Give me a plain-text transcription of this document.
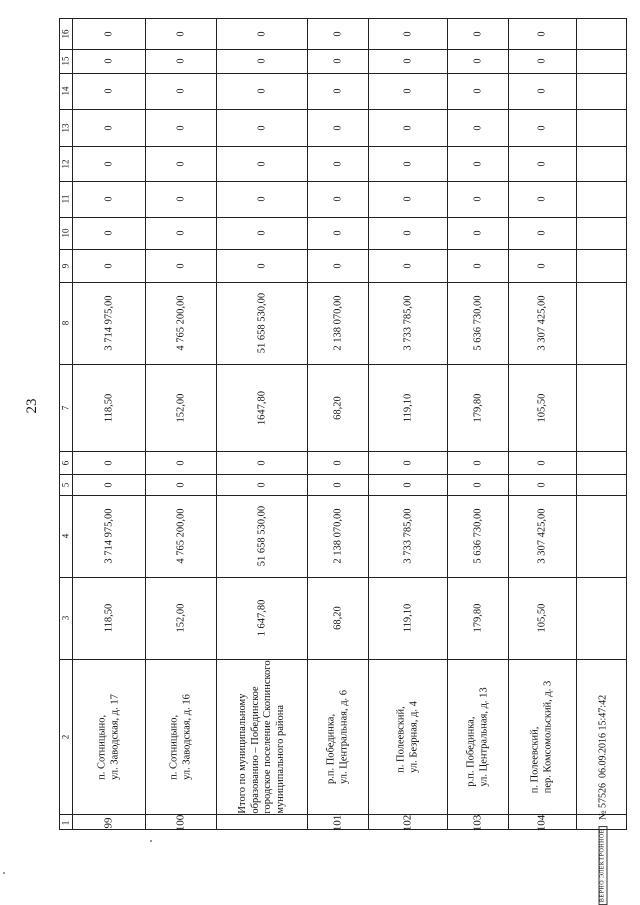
23
1
2
3
4
5
6
7
8
9
10
11
12
13
14
15
16
99
п. Сотницыно, ул. Заводская, д. 17
118,50
3 714 975,00
0
0
118,50
3 714 975,00
0
0
0
0
0
0
0
0
100
п. Сотницыно, ул. Заводская, д. 16
152,00
4 765 200,00
0
0
152,00
4 765 200,00
0
0
0
0
0
0
0
0
Итого по муниципальному образованию – Побединское городское поселение Скопинского муниципального района
1 647,80
51 658 530,00
0
0
1647,80
51 658 530,00
0
0
0
0
0
0
0
0
101
р.п. Побединка, ул. Центральная, д. 6
68,20
2 138 070,00
0
0
68,20
2 138 070,00
0
0
0
0
0
0
0
0
102
п. Полеевский, ул. Безрная, д. 4
119,10
3 733 785,00
0
0
119,10
3 733 785,00
0
0
0
0
0
0
0
0
103
р.п. Побединка, ул. Центральная, д. 13
179,80
5 636 730,00
0
0
179,80
5 636 730,00
0
0
0
0
0
0
0
0
104
п. Полеевский, пер. Комсомольский, д. 3
105,50
3 307 425,00
0
0
105,50
3 307 425,00
0
0
0
0
0
0
0
0
ВЕРНО ЭЛЕКТРОННОЕ№ 57526  06.09.2016 15:47:42
